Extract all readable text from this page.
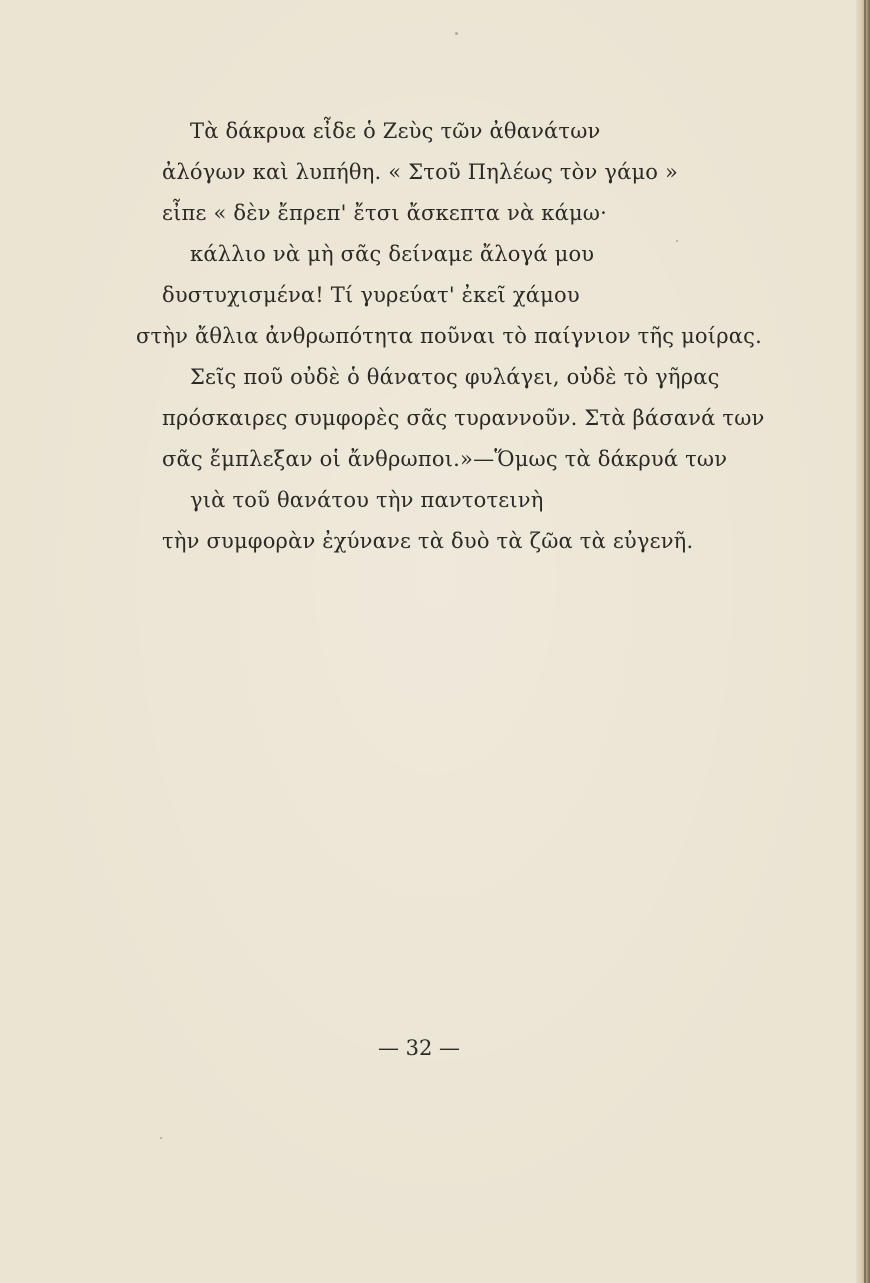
Τὰ δάκρυα εἶδε ὁ Ζεὺς τῶν ἀθανάτων
ἀλόγων καὶ λυπήθη. « Στοῦ Πηλέως τὸν γάμο »
εἶπε « δὲν ἔπρεπ' ἔτσι ἄσκεπτα νὰ κάμω·
κάλλιο νὰ μὴ σᾶς δείναμε ἄλογά μου
δυστυχισμένα! Τί γυρεύατ' ἐκεῖ χάμου
στὴν ἄθλια ἀνθρωπότητα ποῦναι τὸ παίγνιον τῆς μοίρας.
Σεῖς ποῦ οὐδὲ ὁ θάνατος φυλάγει, οὐδὲ τὸ γῆρας
πρόσκαιρες συμφορὲς σᾶς τυραννοῦν. Στὰ βάσανά των
σᾶς ἔμπλεξαν οἱ ἄνθρωποι.»—Ὅμως τὰ δάκρυά των
γιὰ τοῦ θανάτου τὴν παντοτεινὴ
τὴν συμφορὰν ἐχύνανε τὰ δυὸ τὰ ζῶα τὰ εὐγενῆ.
— 32 —
